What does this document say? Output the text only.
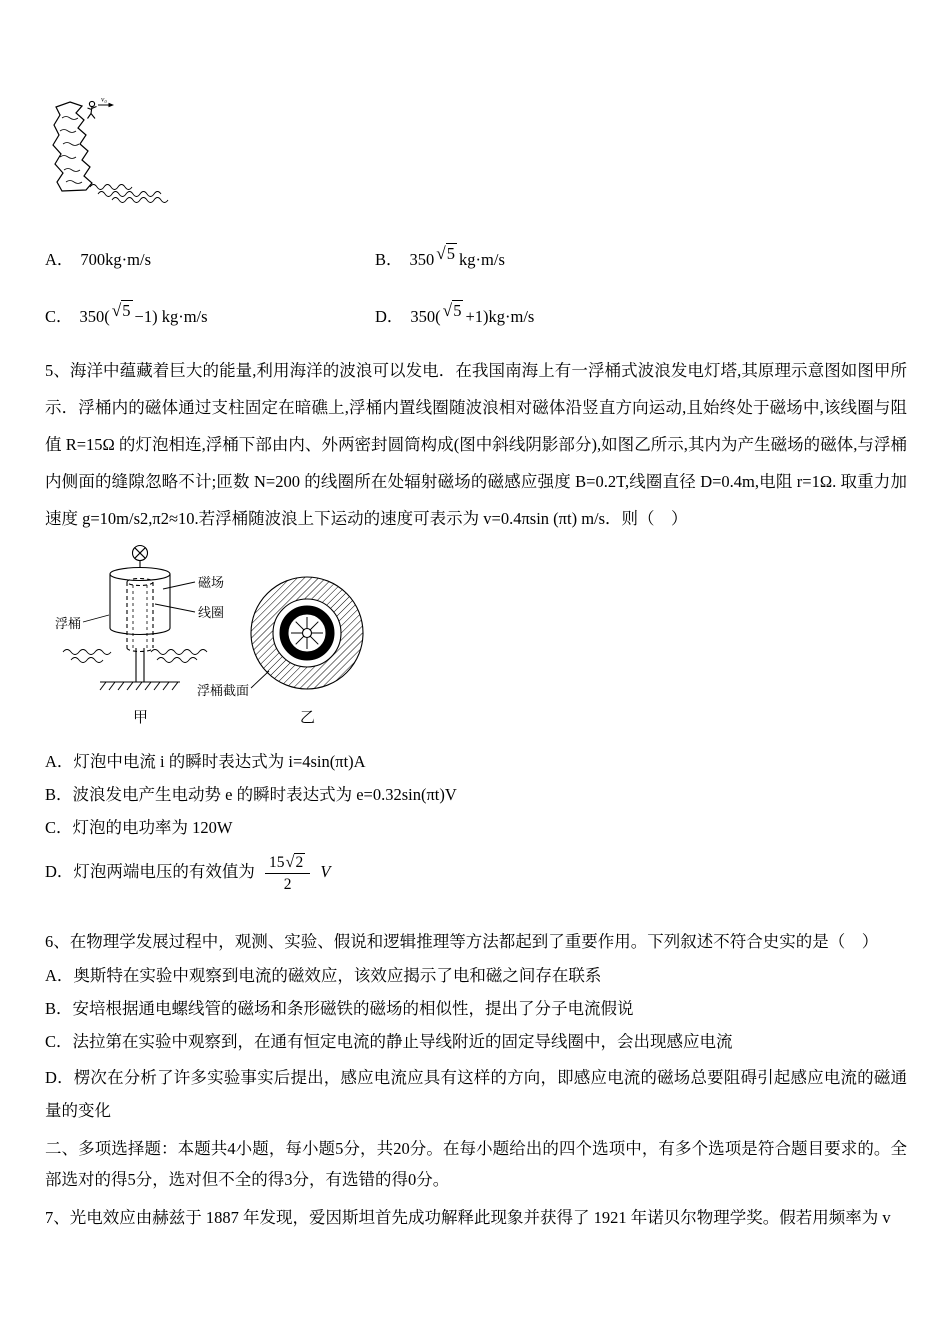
v₀
A． 700kg·m/s	B． 350 √5 kg·m/s
C． 350( √5 −1) kg·m/s	D． 350( √5 +1)kg·m/s
5、海洋中蕴藏着巨大的能量,利用海洋的波浪可以发电．在我国南海上有一浮桶式波浪发电灯塔,其原理示意图如图甲所示．浮桶内的磁体通过支柱固定在暗礁上,浮桶内置线圈随波浪相对磁体沿竖直方向运动,且始终处于磁场中,该线圈与阻值 R=15Ω 的灯泡相连,浮桶下部由内、外两密封圆筒构成(图中斜线阴影部分),如图乙所示,其内为产生磁场的磁体,与浮桶内侧面的缝隙忽略不计;匝数 N=200 的线圈所在处辐射磁场的磁感应强度 B=0.2T,线圈直径 D=0.4m,电阻 r=1Ω. 取重力加速度 g=10m/s2,π2≈10.若浮桶随波浪上下运动的速度可表示为 v=0.4πsin (πt) m/s．则（　）
浮桶
磁场
线圈
浮桶截面
甲	乙
A．灯泡中电流 i 的瞬时表达式为 i=4sin(πt)A
B．波浪发电产生电动势 e 的瞬时表达式为 e=0.32sin(πt)V
C．灯泡的电功率为 120W
D．灯泡两端电压的有效值为 $\frac{15√2}{2}$ V
6、在物理学发展过程中，观测、实验、假说和逻辑推理等方法都起到了重要作用。下列叙述不符合史实的是（　）
A．奥斯特在实验中观察到电流的磁效应，该效应揭示了电和磁之间存在联系
B．安培根据通电螺线管的磁场和条形磁铁的磁场的相似性，提出了分子电流假说
C．法拉第在实验中观察到，在通有恒定电流的静止导线附近的固定导线圈中，会出现感应电流
D．楞次在分析了许多实验事实后提出，感应电流应具有这样的方向，即感应电流的磁场总要阻碍引起感应电流的磁通量的变化
二、多项选择题：本题共4小题，每小题5分，共20分。在每小题给出的四个选项中，有多个选项是符合题目要求的。全部选对的得5分，选对但不全的得3分，有选错的得0分。
7、光电效应由赫兹于 1887 年发现，爱因斯坦首先成功解释此现象并获得了 1921 年诺贝尔物理学奖。假若用频率为 v
